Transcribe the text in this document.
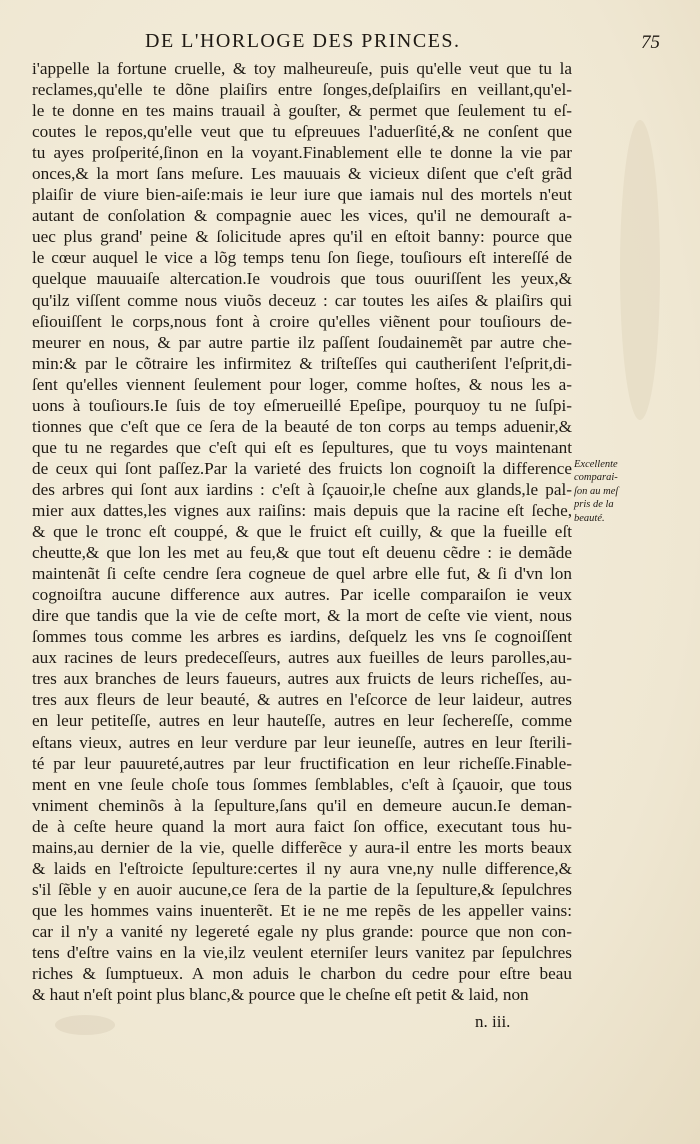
DE L'HORLOGE DES PRINCES.	75
i'appelle la fortune cruelle, & toy malheureuſe, puis qu'elle veut que tu la
reclames,qu'elle te dõne plaiſirs entre ſonges,deſplaiſirs en veillant,qu'el-
le te donne en tes mains trauail à gouſter, & permet que ſeulement tu eſ-
coutes le repos,qu'elle veut que tu eſpreuues l'aduerſité,& ne conſent que
tu ayes proſperité,ſinon en la voyant.Finablement elle te donne la vie par
onces,& la mort ſans meſure. Les mauuais & vicieux diſent que c'eſt grãd
plaiſir de viure bien-aiſe:mais ie leur iure que iamais nul des mortels n'eut
autant de conſolation & compagnie auec les vices, qu'il ne demouraſt a-
uec plus grand' peine & ſolicitude apres qu'il en eſtoit banny: pource que
le cœur auquel le vice a lõg temps tenu ſon ſiege, touſiours eſt intereſſé de
quelque mauuaiſe altercation.Ie voudrois que tous ouuriſſent les yeux,&
qu'ilz viſſent comme nous viuõs deceuz : car toutes les aiſes & plaiſirs qui
eſiouiſſent le corps,nous font à croire qu'elles viẽnent pour touſiours de-
meurer en nous, & par autre partie ilz paſſent ſoudainemẽt par autre che-
min:& par le cõtraire les infirmitez & triſteſſes qui cautheriſent l'eſprit,di-
ſent qu'elles viennent ſeulement pour loger, comme hoſtes, & nous les a-
uons à touſiours.Ie ſuis de toy eſmerueillé Epeſipe, pourquoy tu ne ſuſpi-
tionnes que c'eſt que ce ſera de la beauté de ton corps au temps aduenir,&
que tu ne regardes que c'eſt qui eſt es ſepultures, que tu voys maintenant
de ceux qui ſont paſſez.Par la varieté des fruicts lon cognoiſt la difference
des arbres qui ſont aux iardins : c'eſt à ſçauoir,le cheſne aux glands,le pal-
mier aux dattes,les vignes aux raiſins: mais depuis que la racine eſt ſeche,
& que le tronc eſt couppé, & que le fruict eſt cuilly, & que la fueille eſt
cheutte,& que lon les met au feu,& que tout eſt deuenu cẽdre : ie demãde
maintenãt ſi ceſte cendre ſera cogneue de quel arbre elle fut, & ſi d'vn lon
cognoiſtra aucune difference aux autres. Par icelle comparaiſon ie veux
dire que tandis que la vie de ceſte mort, & la mort de ceſte vie vient, nous
ſommes tous comme les arbres es iardins, deſquelz les vns ſe cognoiſſent
aux racines de leurs predeceſſeurs, autres aux fueilles de leurs parolles,au-
tres aux branches de leurs faueurs, autres aux fruicts de leurs richeſſes, au-
tres aux fleurs de leur beauté, & autres en l'eſcorce de leur laideur, autres
en leur petiteſſe, autres en leur hauteſſe, autres en leur ſechereſſe, comme
eſtans vieux, autres en leur verdure par leur ieuneſſe, autres en leur ſterili-
té par leur pauureté,autres par leur fructification en leur richeſſe.Finable-
ment en vne ſeule choſe tous ſommes ſemblables, c'eſt à ſçauoir, que tous
vniment cheminõs à la ſepulture,ſans qu'il en demeure aucun.Ie deman-
de à ceſte heure quand la mort aura faict ſon office, executant tous hu-
mains,au dernier de la vie, quelle differẽce y aura-il entre les morts beaux
& laids en l'eſtroicte ſepulture:certes il ny aura vne,ny nulle difference,&
s'il ſẽble y en auoir aucune,ce ſera de la partie de la ſepulture,& ſepulchres
que les hommes vains inuenterẽt. Et ie ne me repẽs de les appeller vains:
car il n'y a vanité ny legereté egale ny plus grande: pource que non con-
tens d'eſtre vains en la vie,ilz veulent eterniſer leurs vanitez par ſepulchres
riches & ſumptueux. A mon aduis le charbon du cedre pour eſtre beau
& haut n'eſt point plus blanc,& pource que le cheſne eſt petit & laid, non
Excellente
comparai-
ſon au meſ
pris de la
beauté.
n. iii.
